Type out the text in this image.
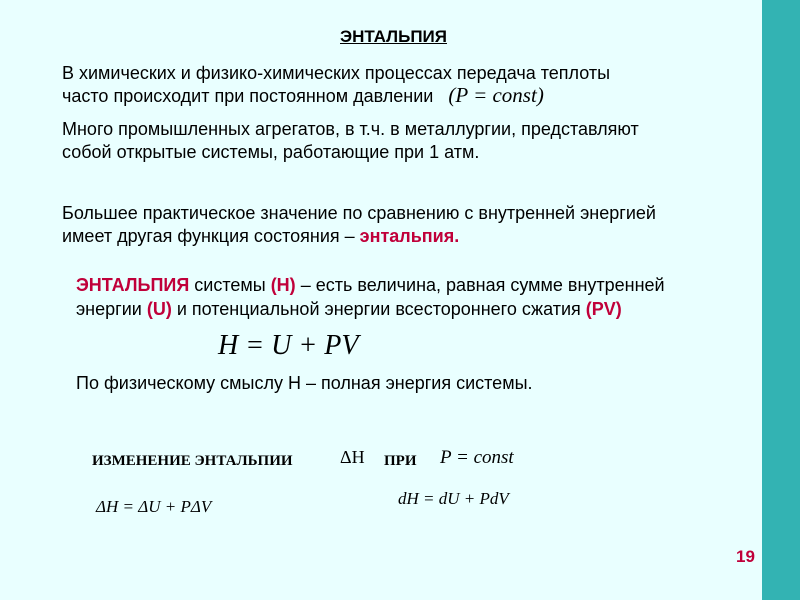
ЭНТАЛЬПИЯ
В химических и физико-химических процессах передача теплоты
часто происходит при постоянном давлении (P = const)
Много промышленных агрегатов, в т.ч. в металлургии, представляют
собой открытые системы, работающие при 1 атм.
Большее практическое значение по сравнению с внутренней энергией
имеет другая функция состояния – энтальпия.
ЭНТАЛЬПИЯ системы (Н) – есть величина, равная сумме внутренней
энергии (U) и потенциальной энергии всестороннего сжатия (PV)
H = U + PV
По физическому смыслу Н – полная энергия системы.
ИЗМЕНЕНИЕ ЭНТАЛЬПИИ	ΔH ПРИ P = const
ΔH = ΔU + PΔV	dH = dU + PdV
19
